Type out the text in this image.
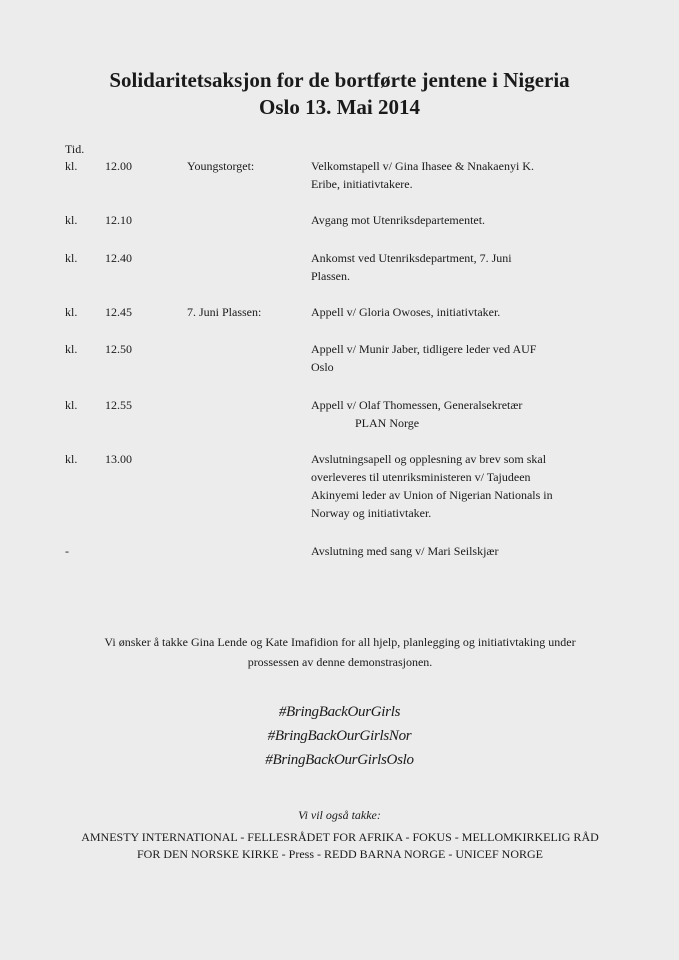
Solidaritetsaksjon for de bortførte jentene i Nigeria
Oslo 13. Mai 2014
Tid.
kl. 12.00	Youngstorget:	Velkomstapell v/ Gina Ihasee & Nnakaenyi K.
Eribe, initiativtakere.
kl. 12.10	Avgang mot Utenriksdepartementet.
kl. 12.40	Ankomst ved Utenriksdepartment, 7. Juni
Plassen.
kl. 12.45	7. Juni Plassen:	Appell v/ Gloria Owoses, initiativtaker.
kl. 12.50	Appell v/ Munir Jaber, tidligere leder ved AUF
Oslo
kl. 12.55	Appell v/ Olaf Thomessen, Generalsekretær
PLAN Norge
kl. 13.00	Avslutningsapell og opplesning av brev som skal
overleveres til utenriksministeren v/ Tajudeen
Akinyemi leder av Union of Nigerian Nationals in
Norway og initiativtaker.
-	Avslutning med sang v/ Mari Seilskjær
Vi ønsker å takke Gina Lende og Kate Imafidion for all hjelp, planlegging og initiativtaking under
prossessen av denne demonstrasjonen.
#BringBackOurGirls
#BringBackOurGirlsNor
#BringBackOurGirlsOslo
Vi vil også takke:
AMNESTY INTERNATIONAL - FELLESRÅDET FOR AFRIKA - FOKUS - MELLOMKIRKELIG RÅD
FOR DEN NORSKE KIRKE - Press - REDD BARNA NORGE - UNICEF NORGE
